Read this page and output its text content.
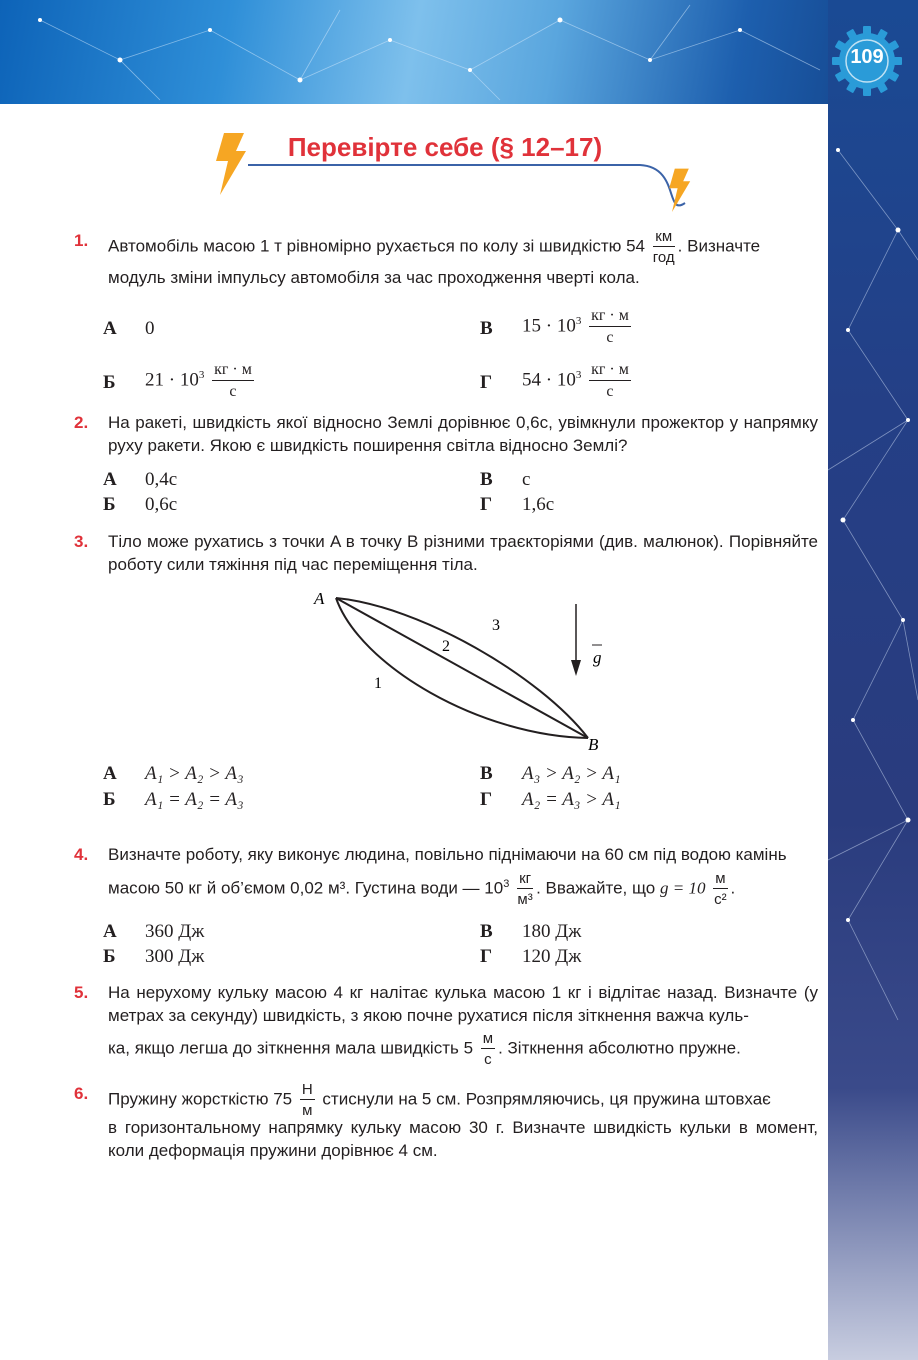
109
Перевірте себе (§ 12–17)
1. Автомобіль масою 1 т рівномірно рухається по колу зі швидкістю $54 \frac{км}{\text{год}}$ . Визначте
модуль зміни імпульсу автомобіля за час проходження чверті кола.
А 0
Б $21 \cdot 10^3 \frac{кг \cdot м}{с}$
В $15 \cdot 10^3 \frac{кг \cdot м}{с}$
Г $54 \cdot 10^3 \frac{кг \cdot м}{с}$
2. На ракеті, швидкість якої відносно Землі дорівнює 0,6c, увімкнули прожектор у напрямку руху ракети. Якою є швидкість поширення світла відносно Землі?
А 0,4c
Б 0,6c
В c
Г 1,6c
3. Тіло може рухатись з точки A в точку B різними траєкторіями (див. малюнок). Порівняйте роботу сили тяжіння під час переміщення тіла.
A
B
1
2
3
g
А A₁ > A₂ > A₃
Б A₁ = A₂ = A₃
В A₃ > A₂ > A₁
Г A₂ = A₃ > A₁
4. Визначте роботу, яку виконує людина, повільно піднімаючи на 60 см під водою камінь
масою 50 кг й об’ємом 0,02 м³. Густина води — $10^3 \frac{кг}{\text{м³}}$ . Вважайте, що $g = 10 \frac{м}{\text{с²}}$ .
А 360 Дж
Б 300 Дж
В 180 Дж
Г 120 Дж
5. На нерухому кульку масою 4 кг налітає кулька масою 1 кг і відлітає назад. Визначте (у метрах за секунду) швидкість, з якою почне рухатися після зіткнення важча куль-
ка, якщо легша до зіткнення мала швидкість $5 \frac{м}{с}$ . Зіткнення абсолютно пружне.
6. Пружину жорсткістю $75 \frac{Н}{м}$ стиснули на 5 см. Розпрямляючись, ця пружина штовхає
в горизонтальному напрямку кульку масою 30 г. Визначте швидкість кульки в момент, коли деформація пружини дорівнює 4 см.
